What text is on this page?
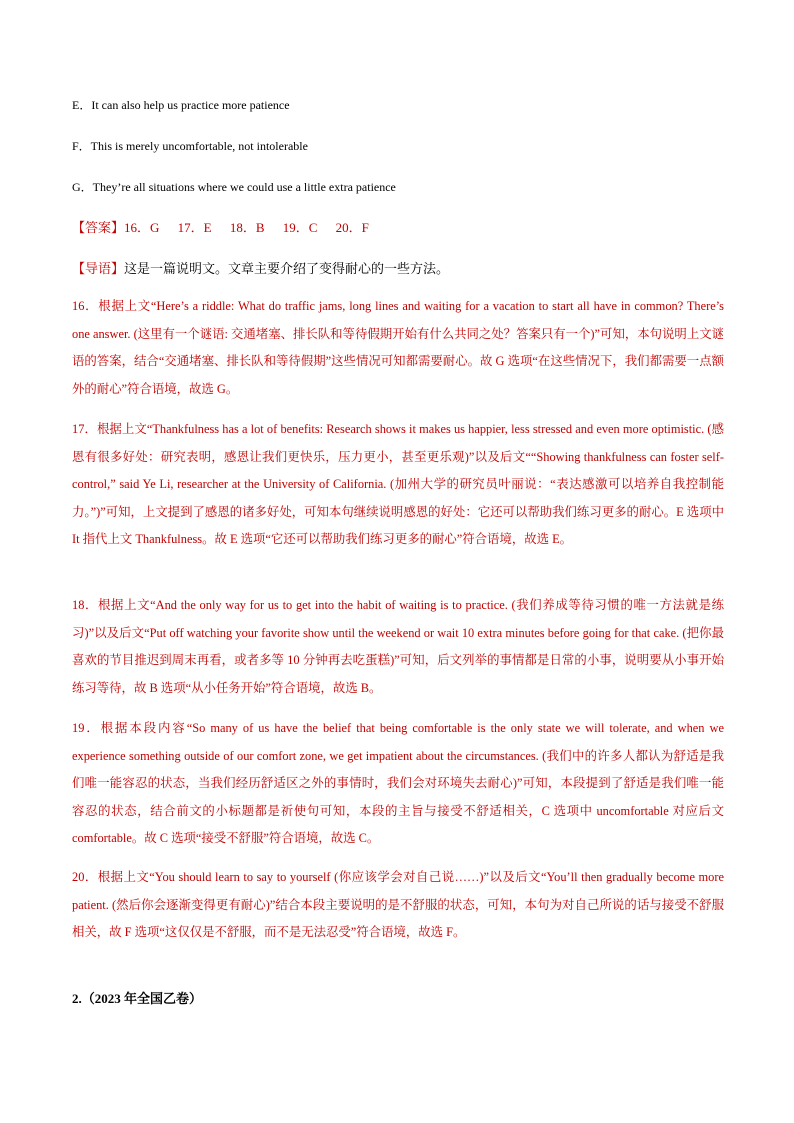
E．It can also help us practice more patience
F．This is merely uncomfortable, not intolerable
G．They’re all situations where we could use a little extra patience
【答案】16．G　 17．E　 18．B　 19．C　 20．F
【导语】这是一篇说明文。文章主要介绍了变得耐心的一些方法。
16．根据上文“Here’s a riddle: What do traffic jams, long lines and waiting for a vacation to start all have in common? There’s one answer. (这里有一个谜语: 交通堵塞、排长队和等待假期开始有什么共同之处？答案只有一个)”可知，本句说明上文谜语的答案，结合“交通堵塞、排长队和等待假期”这些情况可知都需要耐心。故 G 选项“在这些情况下，我们都需要一点额外的耐心”符合语境，故选 G。
17．根据上文“Thankfulness has a lot of benefits: Research shows it makes us happier, less stressed and even more optimistic. (感恩有很多好处：研究表明，感恩让我们更快乐，压力更小，甚至更乐观)”以及后文““Showing thankfulness can foster self-control,” said Ye Li, researcher at the University of California. (加州大学的研究员叶丽说：“表达感激可以培养自我控制能力。”)”可知，上文提到了感恩的诸多好处，可知本句继续说明感恩的好处：它还可以帮助我们练习更多的耐心。E 选项中 It 指代上文 Thankfulness。故 E 选项“它还可以帮助我们练习更多的耐心”符合语境，故选 E。
18．根据上文“And the only way for us to get into the habit of waiting is to practice. (我们养成等待习惯的唯一方法就是练习)”以及后文“Put off watching your favorite show until the weekend or wait 10 extra minutes before going for that cake. (把你最喜欢的节目推迟到周末再看，或者多等 10 分钟再去吃蛋糕)”可知，后文列举的事情都是日常的小事，说明要从小事开始练习等待，故 B 选项“从小任务开始”符合语境，故选 B。
19．根据本段内容“So many of us have the belief that being comfortable is the only state we will tolerate, and when we experience something outside of our comfort zone, we get impatient about the circumstances. (我们中的许多人都认为舒适是我们唯一能容忍的状态，当我们经历舒适区之外的事情时，我们会对环境失去耐心)”可知，本段提到了舒适是我们唯一能容忍的状态，结合前文的小标题都是祈使句可知，本段的主旨与接受不舒适相关，C 选项中 uncomfortable 对应后文 comfortable。故 C 选项“接受不舒服”符合语境，故选 C。
20．根据上文“You should learn to say to yourself (你应该学会对自己说……)”以及后文“You’ll then gradually become more patient. (然后你会逐渐变得更有耐心)”结合本段主要说明的是不舒服的状态，可知，本句为对自己所说的话与接受不舒服相关，故 F 选项“这仅仅是不舒服，而不是无法忍受”符合语境，故选 F。
2.（2023 年全国乙卷）
